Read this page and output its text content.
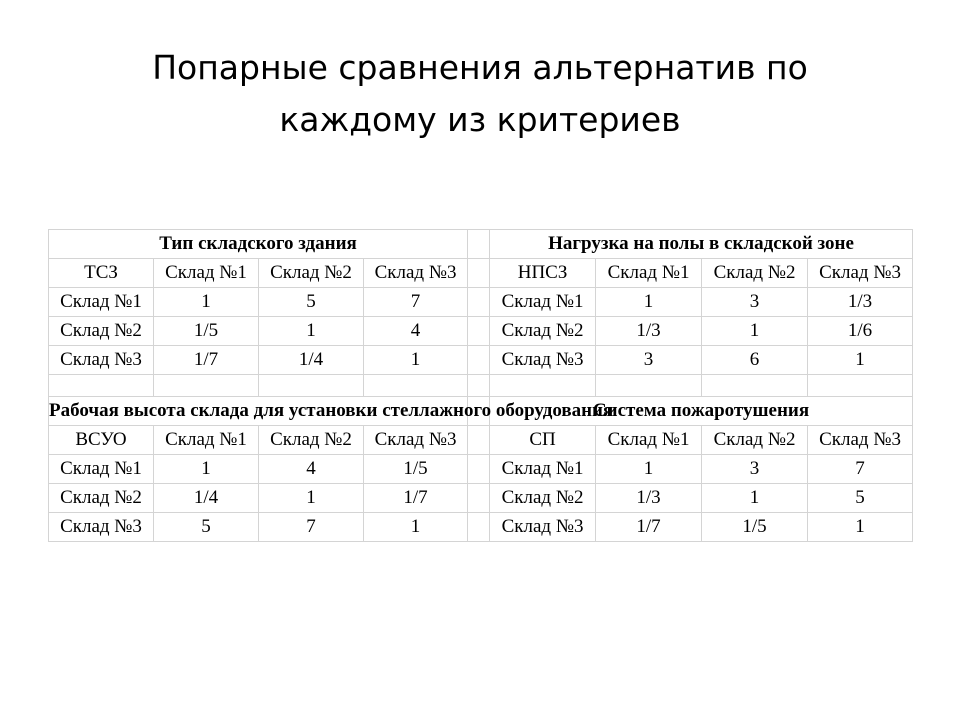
Попарные сравнения альтернатив по
каждому из критериев
Тип складского здания					Нагрузка на полы в складской зоне			
ТСЗ	Склад №1	Склад №2	Склад №3		НПСЗ	Склад №1	Склад №2	Склад №3
Склад №1	1	5	7		Склад №1	1	3	1/3
Склад №2	1/5	1	4		Склад №2	1/3	1	1/6
Склад №3	1/7	1/4	1		Склад №3	3	6	1

Рабочая высота склада для установки стеллажного оборудования					Система пожаротушения			
ВСУО	Склад №1	Склад №2	Склад №3		СП	Склад №1	Склад №2	Склад №3
Склад №1	1	4	1/5		Склад №1	1	3	7
Склад №2	1/4	1	1/7		Склад №2	1/3	1	5
Склад №3	5	7	1		Склад №3	1/7	1/5	1
